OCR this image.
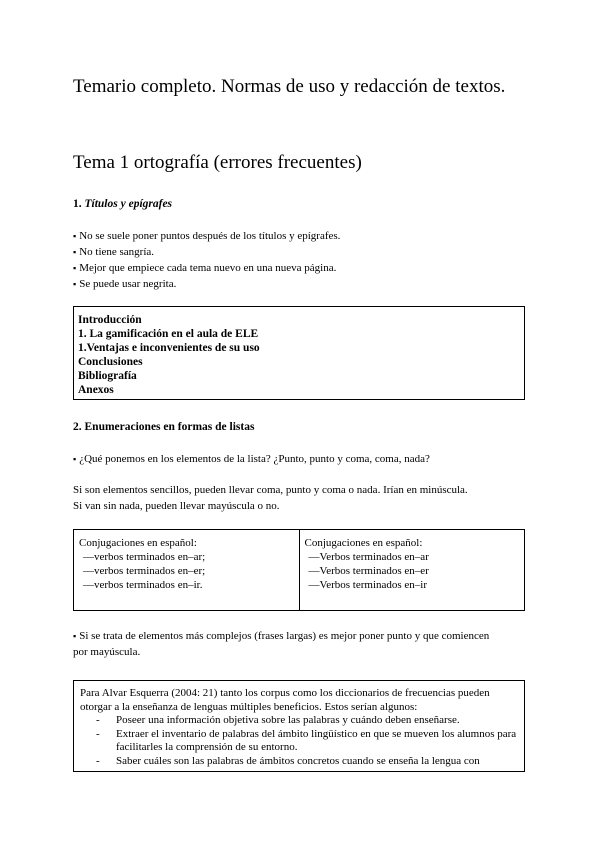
Temario completo. Normas de uso y redacción de textos.
Tema 1 ortografía (errores frecuentes)
1. Títulos y epígrafes
▪ No se suele poner puntos después de los títulos y epígrafes.
▪ No tiene sangría.
▪ Mejor que empiece cada tema nuevo en una nueva página.
▪ Se puede usar negrita.
Introducción
1. La gamificación en el aula de ELE
1.Ventajas e inconvenientes de su uso
Conclusiones
Bibliografía
Anexos
2. Enumeraciones en formas de listas

▪ ¿Qué ponemos en los elementos de la lista? ¿Punto, punto y coma, coma, nada?

Si son elementos sencillos, pueden llevar coma, punto y coma o nada. Irían en minúscula. Si van sin nada, pueden llevar mayúscula o no.

Conjugaciones en español:
—verbos terminados en–ar;
—verbos terminados en–er;
—verbos terminados en–ir.
Conjugaciones en español:
—Verbos terminados en–ar
—Verbos terminados en–er
—Verbos terminados en–ir

▪ Si se trata de elementos más complejos (frases largas) es mejor poner punto y que comiencen por mayúscula.

Para Alvar Esquerra (2004: 21) tanto los corpus como los diccionarios de frecuencias pueden otorgar a la enseñanza de lenguas múltiples beneficios. Estos serían algunos:

- Poseer una información objetiva sobre las palabras y cuándo deben enseñarse.
- Extraer el inventario de palabras del ámbito lingüístico en que se mueven los alumnos para facilitarles la comprensión de su entorno.
- Saber cuáles son las palabras de ámbitos concretos cuando se enseña la lengua con
